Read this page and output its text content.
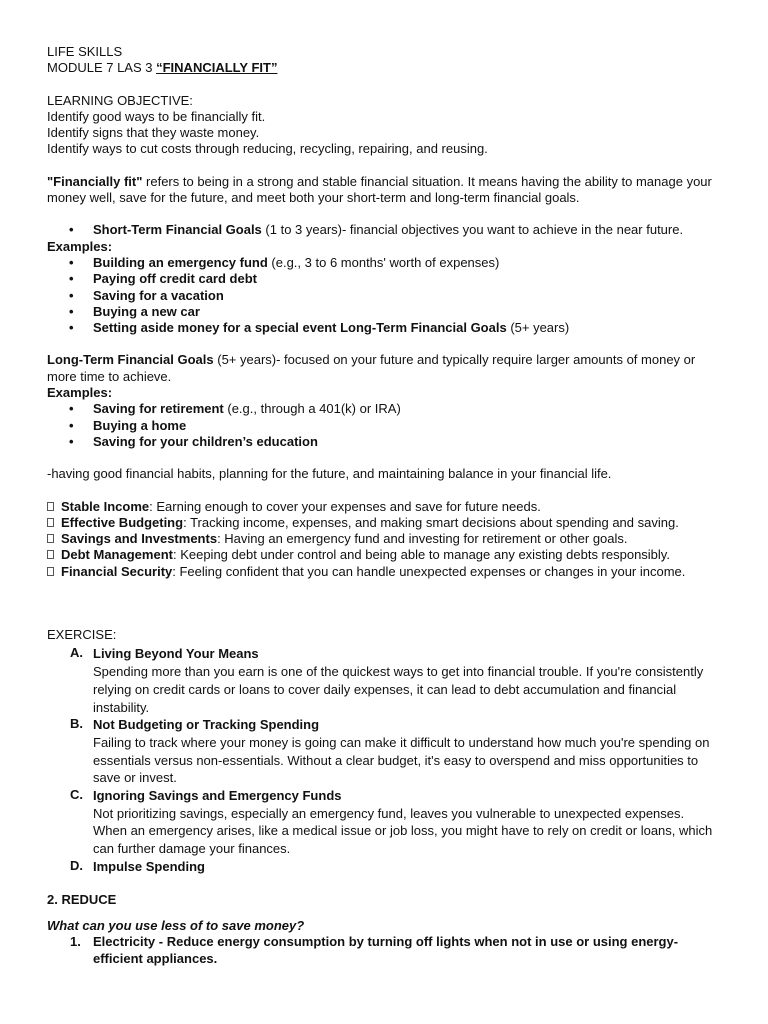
LIFE SKILLS

MODULE 7 LAS 3 “FINANCIALLY FIT”

LEARNING OBJECTIVE:

Identify good ways to be financially fit.

Identify signs that they waste money.

Identify ways to cut costs through reducing, recycling, repairing, and reusing.

"Financially fit" refers to being in a strong and stable financial situation. It means having the ability to manage your money well, save for the future, and meet both your short-term and long-term financial goals.

• Short-Term Financial Goals (1 to 3 years)- financial objectives you want to achieve in the near future.

Examples:

• Building an emergency fund (e.g., 3 to 6 months' worth of expenses)
• Paying off credit card debt
• Saving for a vacation
• Buying a new car
• Setting aside money for a special event Long-Term Financial Goals (5+ years)

Long-Term Financial Goals (5+ years)- focused on your future and typically require larger amounts of money or more time to achieve.

Examples:

• Saving for retirement (e.g., through a 401(k) or IRA)
• Buying a home
• Saving for your children’s education

-having good financial habits, planning for the future, and maintaining balance in your financial life.

Stable Income: Earning enough to cover your expenses and save for future needs.

Effective Budgeting: Tracking income, expenses, and making smart decisions about spending and saving.

Savings and Investments: Having an emergency fund and investing for retirement or other goals.

Debt Management: Keeping debt under control and being able to manage any existing debts responsibly.

Financial Security: Feeling confident that you can handle unexpected expenses or changes in your income.

EXERCISE:

A. Living Beyond Your Means

Spending more than you earn is one of the quickest ways to get into financial trouble. If you're consistently relying on credit cards or loans to cover daily expenses, it can lead to debt accumulation and financial instability.

B. Not Budgeting or Tracking Spending

Failing to track where your money is going can make it difficult to understand how much you're spending on essentials versus non-essentials. Without a clear budget, it's easy to overspend and miss opportunities to save or invest.

C. Ignoring Savings and Emergency Funds

Not prioritizing savings, especially an emergency fund, leaves you vulnerable to unexpected expenses. When an emergency arises, like a medical issue or job loss, you might have to rely on credit or loans, which can further damage your finances.

D. Impulse Spending

2. REDUCE

What can you use less of to save money?

1. Electricity - Reduce energy consumption by turning off lights when not in use or using energy-efficient appliances.
